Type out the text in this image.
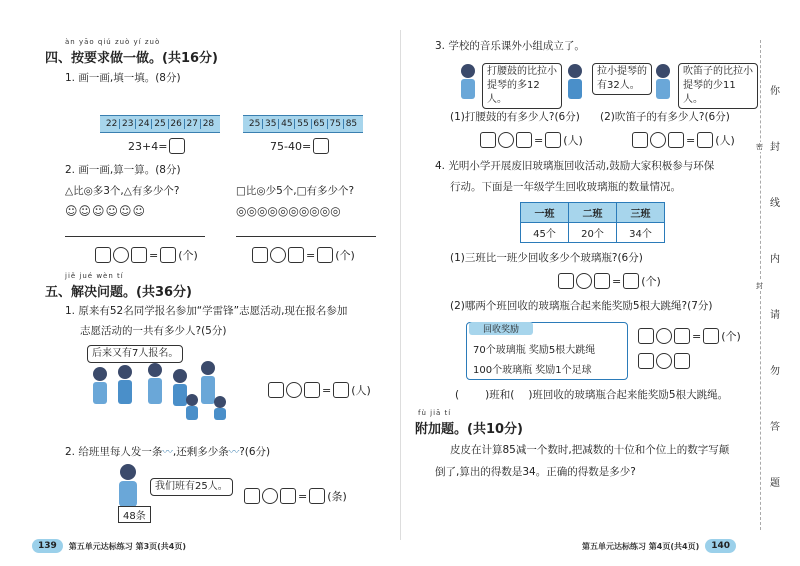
àn yāo qiú zuò yí zuò
四、按要求做一做。(共16分)
1. 画一画,填一填。(8分)
22 23 24 25 26 27 28	25 35 45 55 65 75 85
23+4=	75-40=
2. 画一画,算一算。(8分)
△比◎多3个,△有多少个?	□比◎少5个,□有多少个?
☺☺☺☺☺☺	◎◎◎◎◎◎◎◎◎◎
= (个)	= (个)
jiě jué wèn tí
五、解决问题。(共36分)
1. 原来有52名同学报名参加“学雷锋”志愿活动,现在报名参加
志愿活动的一共有多少人?(5分)
后来又有7人报名。
= (人)
2. 给班里每人发一条〰,还剩多少条〰?(6分)
我们班有25人。
48条
= (条)
139	第五单元达标练习 第3页(共4页)
3. 学校的音乐课外小组成立了。
打腰鼓的比拉小提琴的多12人。
拉小提琴的有32人。
吹笛子的比拉小提琴的少11人。
(1)打腰鼓的有多少人?(6分) (2)吹笛子的有多少人?(6分)
= (人)	= (人)
4. 光明小学开展废旧玻璃瓶回收活动,鼓励大家积极参与环保
行动。下面是一年级学生回收玻璃瓶的数量情况。
一班	二班	三班
45个	20个	34个
(1)三班比一班少回收多少个玻璃瓶?(6分)
= (个)
(2)哪两个班回收的玻璃瓶合起来能奖励5根大跳绳?(7分)
回收奖励
70个玻璃瓶 奖励5根大跳绳
100个玻璃瓶 奖励1个足球
= (个)
( )班和( )班回收的玻璃瓶合起来能奖励5根大跳绳。
fù jiā tí
附加题。(共10分)
皮皮在计算85减一个数时,把减数的十位和个位上的数字写颠
倒了,算出的得数是34。正确的得数是多少?
第五单元达标练习 第4页(共4页)	140
你
封
线
内
请
勿
答
题
密
封
